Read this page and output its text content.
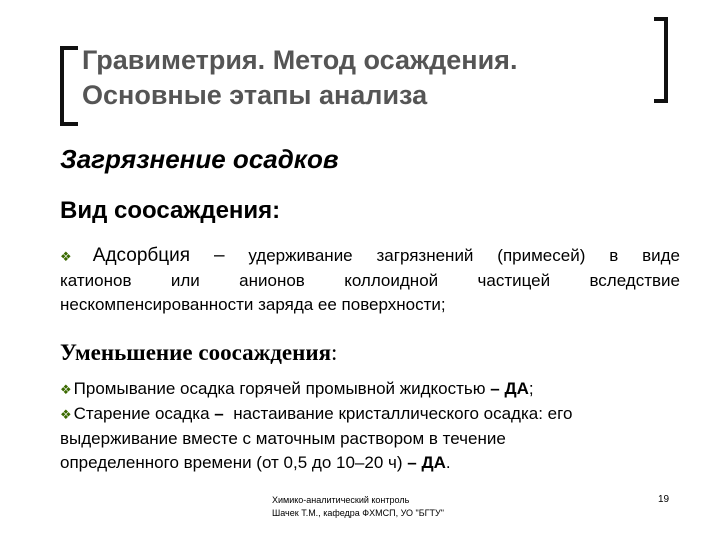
Гравиметрия. Метод осаждения.
Основные этапы анализа
Загрязнение осадков
Вид соосаждения:
❖ Адсорбция – удерживание загрязнений (примесей) в виде
катионов или анионов коллоидной частицей вследствие
нескомпенсированности заряда ее поверхности;
Уменьшение соосаждения:
❖ Промывание осадка горячей промывной жидкостью – ДА;
❖ Старение осадка – настаивание кристаллического осадка: его
выдерживание вместе с маточным раствором в течение
определенного времени (от 0,5 до 10–20 ч) – ДА.
Химико-аналитический контроль
Шачек Т.М., кафедра ФХМСП, УО "БГТУ"
19
